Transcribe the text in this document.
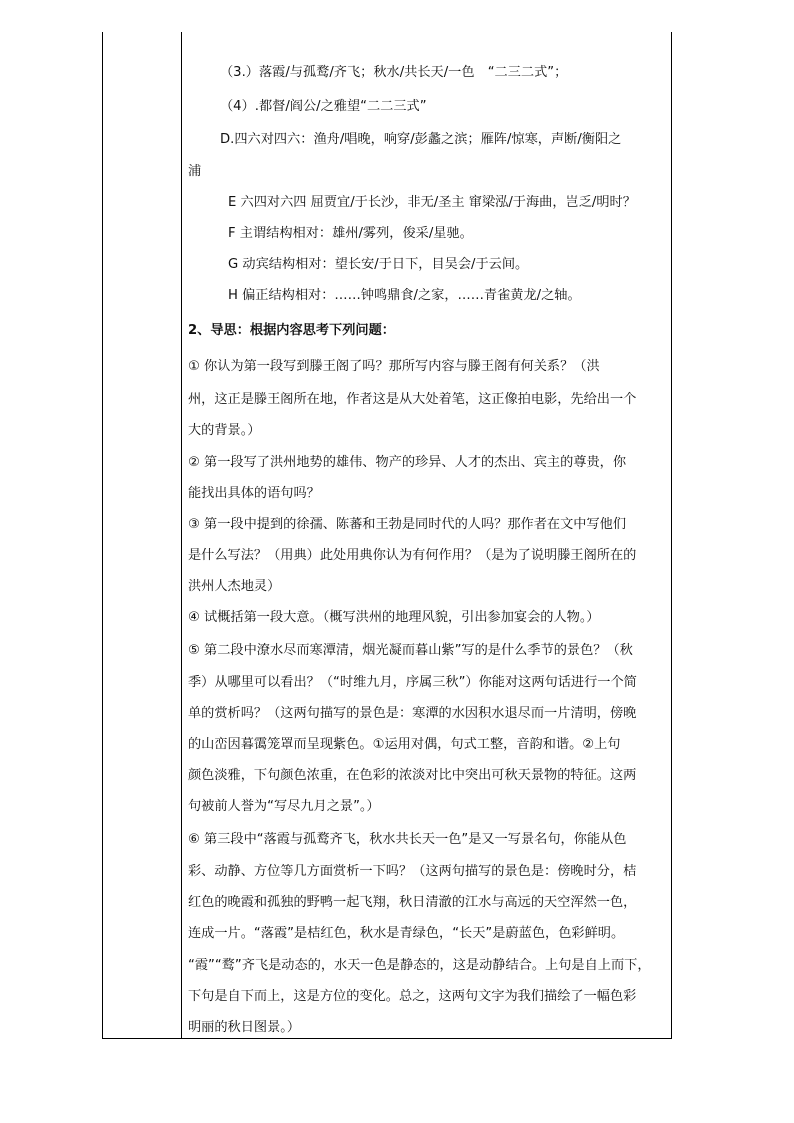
（3.）落霞/与孤鹜/齐飞；秋水/共长天/一色　“二三二式”；
（4）.都督/阎公/之雅望“二二三式”
D.四六对四六：渔舟/唱晚，响穿/彭蠡之滨；雁阵/惊寒，声断/衡阳之
浦
E 六四对六四 屈贾宜/于长沙，非无/圣主 窜梁泓/于海曲，岂乏/明时？
F 主谓结构相对：雄州/雾列，俊采/星驰。
G 动宾结构相对：望长安/于日下，目吴会/于云间。
H 偏正结构相对：……钟鸣鼎食/之家，……青雀黄龙/之轴。
2、导思：根据内容思考下列问题：
① 你认为第一段写到滕王阁了吗？那所写内容与滕王阁有何关系？（洪
州，这正是滕王阁所在地，作者这是从大处着笔，这正像拍电影，先给出一个
大的背景。）
② 第一段写了洪州地势的雄伟、物产的珍异、人才的杰出、宾主的尊贵，你
能找出具体的语句吗？
③ 第一段中提到的徐孺、陈蕃和王勃是同时代的人吗？那作者在文中写他们
是什么写法？（用典）此处用典你认为有何作用？（是为了说明滕王阁所在的
洪州人杰地灵）
④ 试概括第一段大意。（概写洪州的地理风貌，引出参加宴会的人物。）
⑤ 第二段中潦水尽而寒潭清，烟光凝而暮山紫”写的是什么季节的景色？（秋
季）从哪里可以看出？（“时维九月，序属三秋”）你能对这两句话进行一个简
单的赏析吗？（这两句描写的景色是：寒潭的水因积水退尽而一片清明，傍晚
的山峦因暮霭笼罩而呈现紫色。①运用对偶，句式工整，音韵和谐。②上句
颜色淡雅，下句颜色浓重，在色彩的浓淡对比中突出可秋天景物的特征。这两
句被前人誉为“写尽九月之景”。）
⑥ 第三段中“落霞与孤鹜齐飞，秋水共长天一色”是又一写景名句，你能从色
彩、动静、方位等几方面赏析一下吗？（这两句描写的景色是：傍晚时分，桔
红色的晚霞和孤独的野鸭一起飞翔，秋日清澈的江水与高远的天空浑然一色，
连成一片。“落霞”是桔红色，秋水是青绿色，“长天”是蔚蓝色，色彩鲜明。
“霞”“鹜”齐飞是动态的，水天一色是静态的，这是动静结合。上句是自上而下，
下句是自下而上，这是方位的变化。总之，这两句文字为我们描绘了一幅色彩
明丽的秋日图景。）
